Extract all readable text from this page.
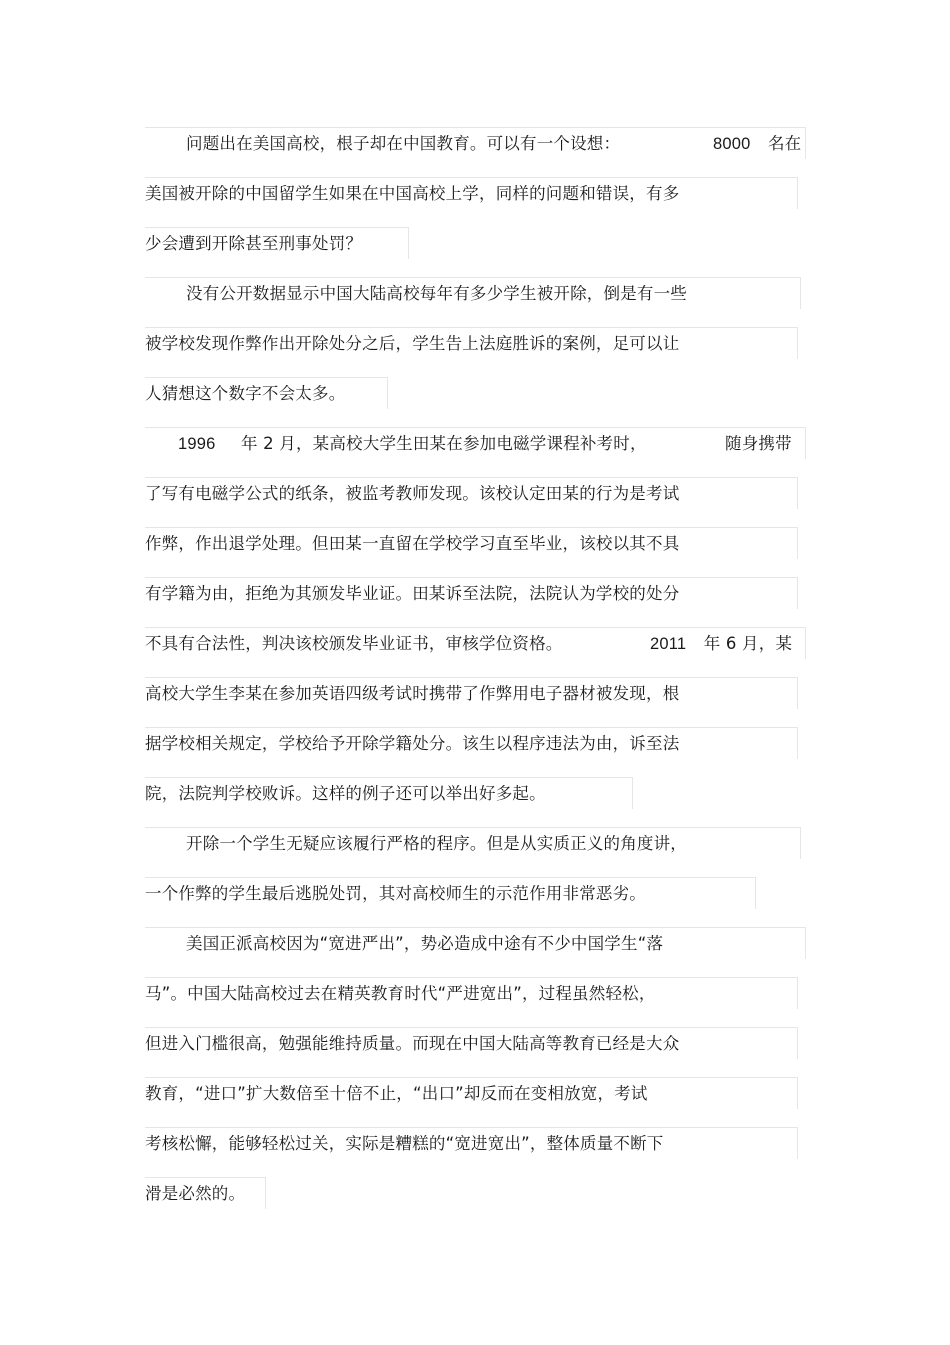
问题出在美国高校，根子却在中国教育。可以有一个设想：	8000 名在
美国被开除的中国留学生如果在中国高校上学，同样的问题和错误，有多
少会遭到开除甚至刑事处罚？
没有公开数据显示中国大陆高校每年有多少学生被开除，倒是有一些
被学校发现作弊作出开除处分之后，学生告上法庭胜诉的案例，足可以让
人猜想这个数字不会太多。
1996 年 2 月，某高校大学生田某在参加电磁学课程补考时，	随身携带
了写有电磁学公式的纸条，被监考教师发现。该校认定田某的行为是考试
作弊，作出退学处理。但田某一直留在学校学习直至毕业，该校以其不具
有学籍为由，拒绝为其颁发毕业证。田某诉至法院，法院认为学校的处分
不具有合法性，判决该校颁发毕业证书，审核学位资格。	2011 年 6 月，某
高校大学生李某在参加英语四级考试时携带了作弊用电子器材被发现，根
据学校相关规定，学校给予开除学籍处分。该生以程序违法为由，诉至法
院，法院判学校败诉。这样的例子还可以举出好多起。
开除一个学生无疑应该履行严格的程序。但是从实质正义的角度讲，
一个作弊的学生最后逃脱处罚，其对高校师生的示范作用非常恶劣。
美国正派高校因为“宽进严出”，势必造成中途有不少中国学生“落
马”。中国大陆高校过去在精英教育时代“严进宽出”，过程虽然轻松，
但进入门槛很高，勉强能维持质量。而现在中国大陆高等教育已经是大众
教育，“进口”扩大数倍至十倍不止，“出口”却反而在变相放宽，考试
考核松懈，能够轻松过关，实际是糟糕的“宽进宽出”，整体质量不断下
滑是必然的。
